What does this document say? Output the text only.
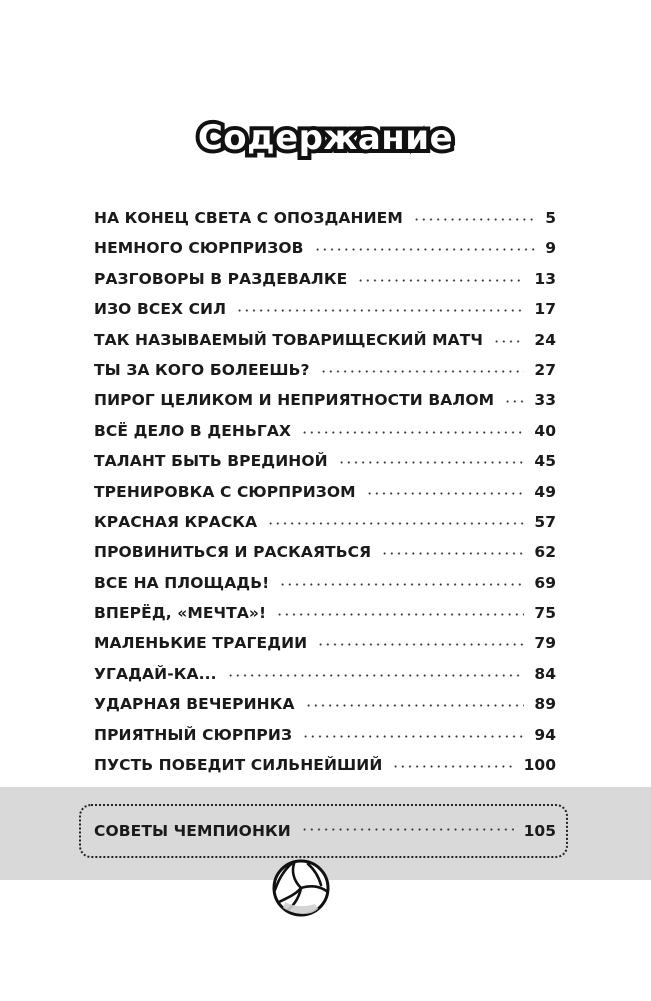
Содержание
НА КОНЕЦ СВЕТА С ОПОЗДАНИЕМ	5
НЕМНОГО СЮРПРИЗОВ	9
РАЗГОВОРЫ В РАЗДЕВАЛКЕ	13
ИЗО ВСЕХ СИЛ	17
ТАК НАЗЫВАЕМЫЙ ТОВАРИЩЕСКИЙ МАТЧ	24
ТЫ ЗА КОГО БОЛЕЕШЬ?	27
ПИРОГ ЦЕЛИКОМ И НЕПРИЯТНОСТИ ВАЛОМ	33
ВСЁ ДЕЛО В ДЕНЬГАХ	40
ТАЛАНТ БЫТЬ ВРЕДИНОЙ	45
ТРЕНИРОВКА С СЮРПРИЗОМ	49
КРАСНАЯ КРАСКА	57
ПРОВИНИТЬСЯ И РАСКАЯТЬСЯ	62
ВСЕ НА ПЛОЩАДЬ!	69
ВПЕРЁД, «МЕЧТА»!	75
МАЛЕНЬКИЕ ТРАГЕДИИ	79
УГАДАЙ-КА...	84
УДАРНАЯ ВЕЧЕРИНКА	89
ПРИЯТНЫЙ СЮРПРИЗ	94
ПУСТЬ ПОБЕДИТ СИЛЬНЕЙШИЙ	100
СОВЕТЫ ЧЕМПИОНКИ	105
